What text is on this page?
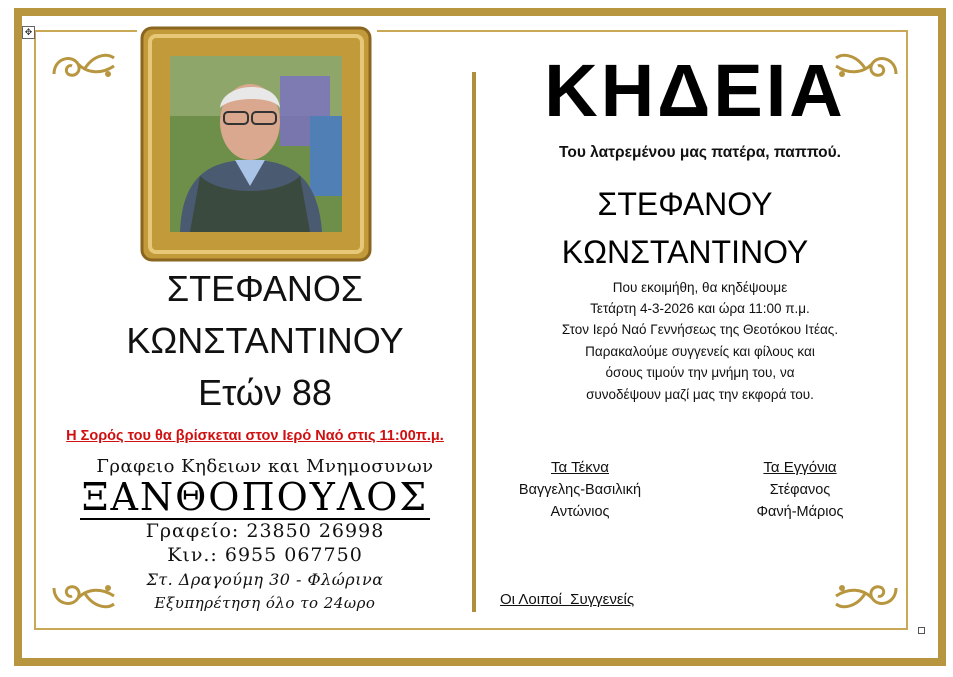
✥
ΣΤΕΦΑΝΟΣ
ΚΩΝΣΤΑΝΤΙΝΟΥ
Ετών 88
Η Σορός του θα βρίσκεται στον Ιερό Ναό στις 11:00π.μ.
Γραφειο Κηδειων και Μνημοσυνων
ΞΑΝΘΟΠΟΥΛΟΣ
Γραφείο: 23850 26998
Κιν.: 6955 067750
Στ. Δραγούμη 30 - Φλώρινα
Εξυπηρέτηση όλο το 24ωρο
ΚΗΔΕΙΑ
Του λατρεμένου μας πατέρα, παππού.
ΣΤΕΦΑΝΟΥ
ΚΩΝΣΤΑΝΤΙΝΟΥ
Που εκοιμήθη, θα κηδέψουμε
Τετάρτη 4-3-2026 και ώρα 11:00 π.μ.
Στον Ιερό Ναό Γεννήσεως της Θεοτόκου Ιτέας.
Παρακαλούμε συγγενείς και φίλους και
όσους τιμούν την μνήμη του, να
συνοδέψουν μαζί μας την εκφορά του.
Τα Τέκνα
Βαγγελης-Βασιλική
Αντώνιος
Τα Εγγόνια
Στέφανος
Φανή-Μάριος
Οι Λοιποί  Συγγενείς
